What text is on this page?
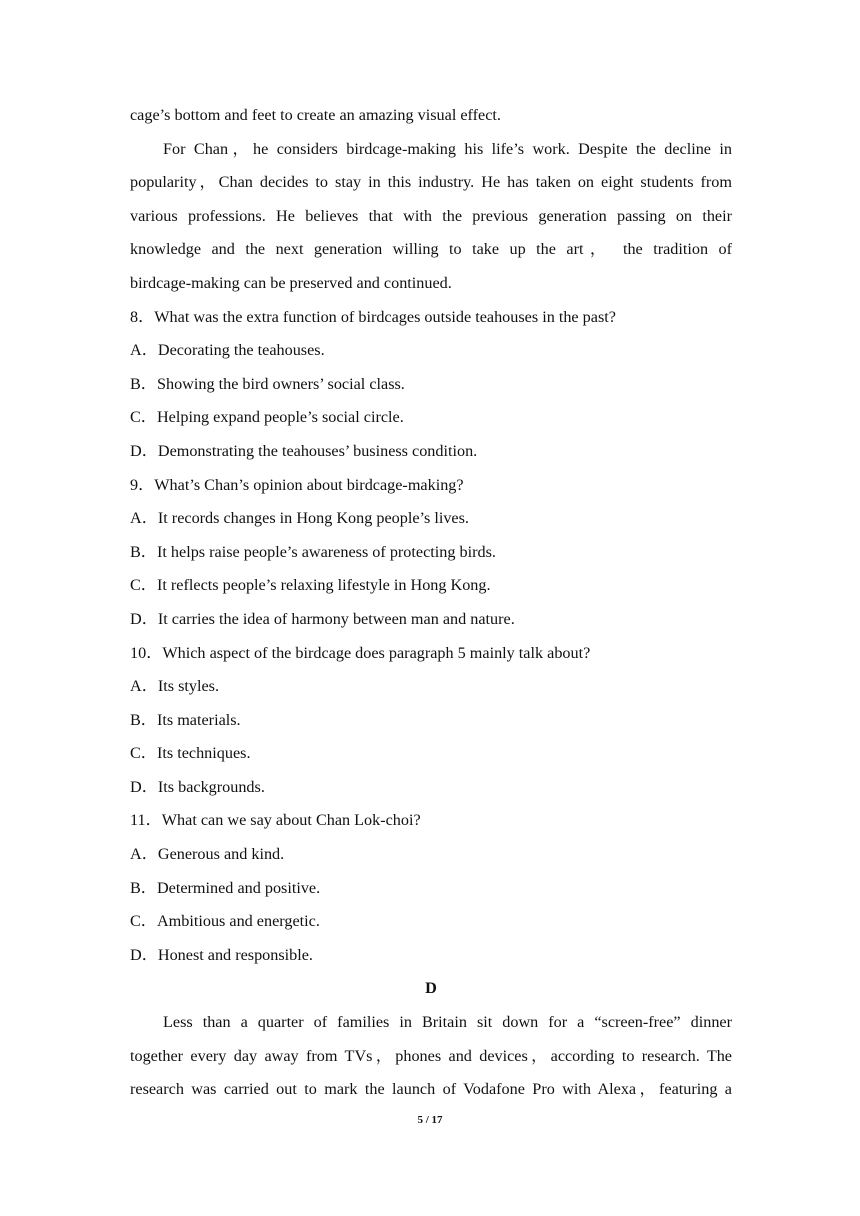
cage’s bottom and feet to create an amazing visual effect.
For Chan，he considers birdcage-making his life’s work. Despite the decline in
popularity，Chan decides to stay in this industry. He has taken on eight students from
various professions. He believes that with the previous generation passing on their
knowledge and the next generation willing to take up the art， the tradition of
birdcage-making can be preserved and continued.
8．What was the extra function of birdcages outside teahouses in the past?
A．Decorating the teahouses.
B．Showing the bird owners’ social class.
C．Helping expand people’s social circle.
D．Demonstrating the teahouses’ business condition.
9．What’s Chan’s opinion about birdcage-making?
A．It records changes in Hong Kong people’s lives.
B．It helps raise people’s awareness of protecting birds.
C．It reflects people’s relaxing lifestyle in Hong Kong.
D．It carries the idea of harmony between man and nature.
10．Which aspect of the birdcage does paragraph 5 mainly talk about?
A．Its styles.
B．Its materials.
C．Its techniques.
D．Its backgrounds.
11．What can we say about Chan Lok-choi?
A．Generous and kind.
B．Determined and positive.
C．Ambitious and energetic.
D．Honest and responsible.
D
Less than a quarter of families in Britain sit down for a “screen-free” dinner
together every day away from TVs，phones and devices，according to research. The
research was carried out to mark the launch of Vodafone Pro with Alexa，featuring a
5 / 17
